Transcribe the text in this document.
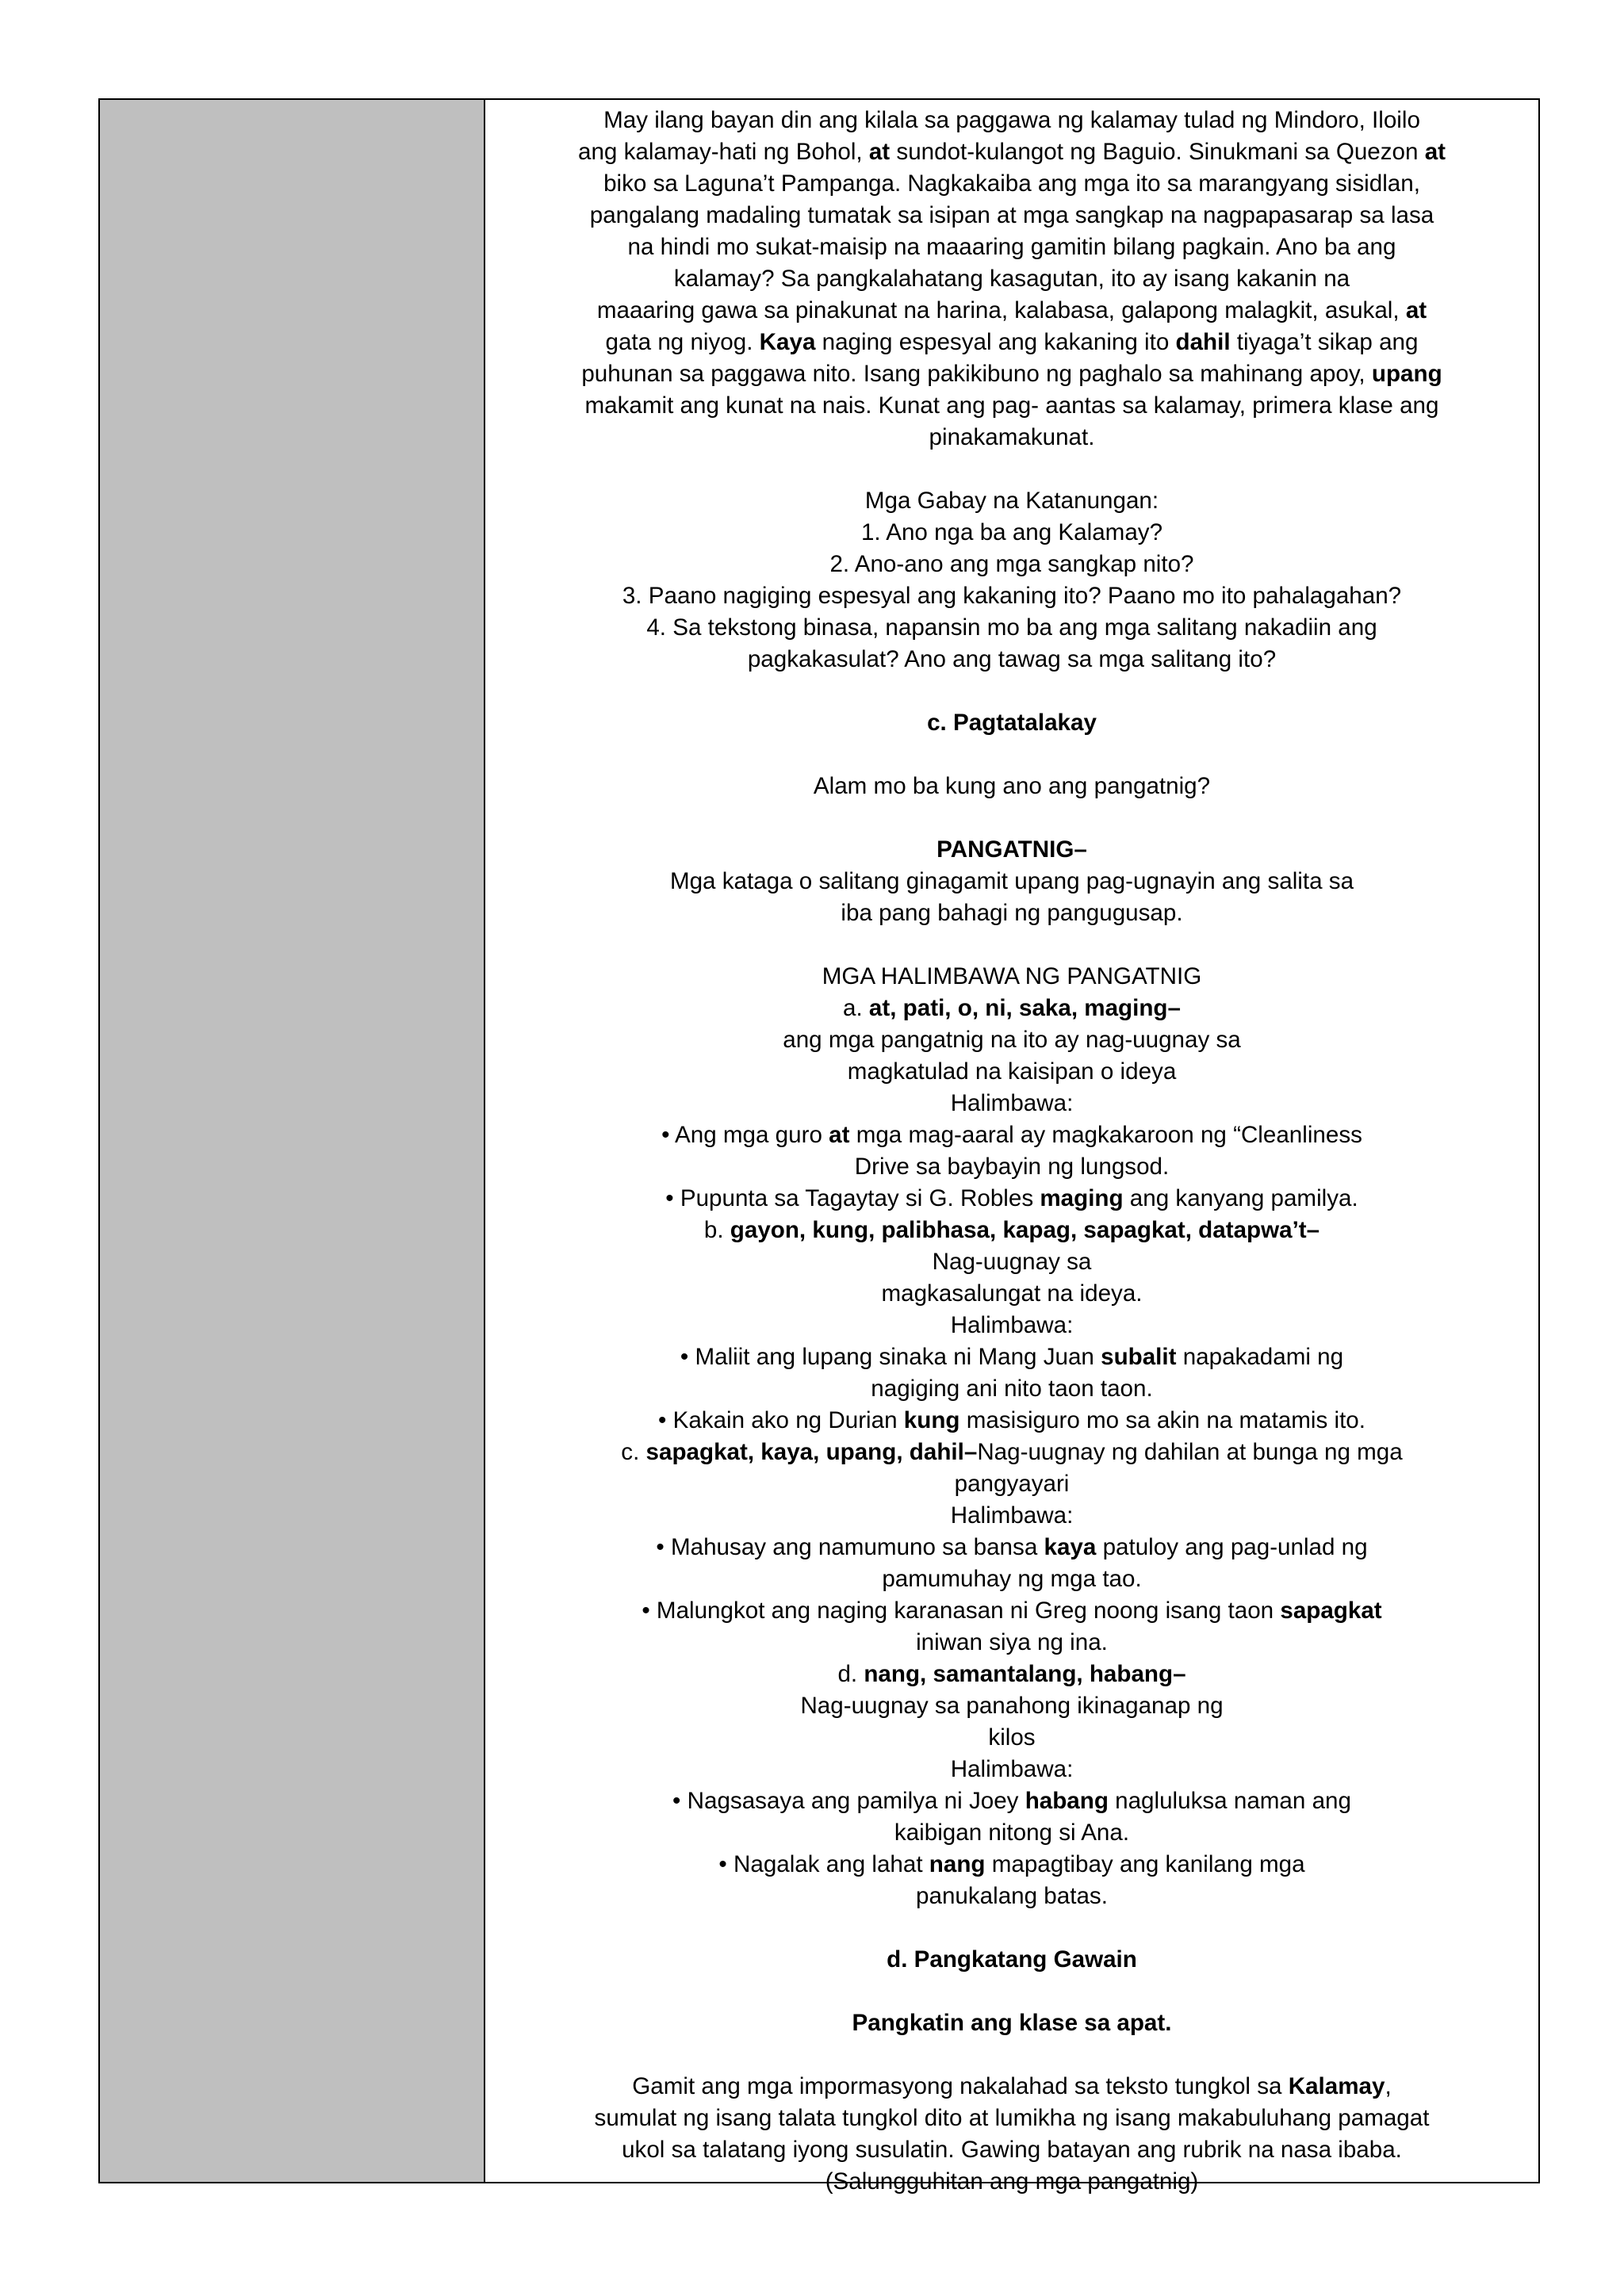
May ilang bayan din ang kilala sa paggawa ng kalamay tulad ng Mindoro, Iloilo
ang kalamay-hati ng Bohol, at sundot-kulangot ng Baguio. Sinukmani sa Quezon at
biko sa Laguna’t Pampanga. Nagkakaiba ang mga ito sa marangyang sisidlan,
pangalang madaling tumatak sa isipan at mga sangkap na nagpapasarap sa lasa
na hindi mo sukat-maisip na maaaring gamitin bilang pagkain. Ano ba ang
kalamay? Sa pangkalahatang kasagutan, ito ay isang kakanin na
maaaring gawa sa pinakunat na harina, kalabasa, galapong malagkit, asukal, at
gata ng niyog. Kaya naging espesyal ang kakaning ito dahil tiyaga’t sikap ang
puhunan sa paggawa nito. Isang pakikibuno ng paghalo sa mahinang apoy, upang
makamit ang kunat na nais. Kunat ang pag- aantas sa kalamay, primera klase ang
pinakamakunat.
Mga Gabay na Katanungan:
1. Ano nga ba ang Kalamay?
2. Ano-ano ang mga sangkap nito?
3. Paano nagiging espesyal ang kakaning ito? Paano mo ito pahalagahan?
4. Sa tekstong binasa, napansin mo ba ang mga salitang nakadiin ang
pagkakasulat? Ano ang tawag sa mga salitang ito?
c. Pagtatalakay
Alam mo ba kung ano ang pangatnig?
PANGATNIG–
Mga kataga o salitang ginagamit upang pag-ugnayin ang salita sa
iba pang bahagi ng pangugusap.
MGA HALIMBAWA NG PANGATNIG
a. at, pati, o, ni, saka, maging–
ang mga pangatnig na ito ay nag-uugnay sa
magkatulad na kaisipan o ideya
Halimbawa:
• Ang mga guro at mga mag-aaral ay magkakaroon ng “Cleanliness
Drive sa baybayin ng lungsod.
• Pupunta sa Tagaytay si G. Robles maging ang kanyang pamilya.
b. gayon, kung, palibhasa, kapag, sapagkat, datapwa’t–
Nag-uugnay sa
magkasalungat na ideya.
Halimbawa:
• Maliit ang lupang sinaka ni Mang Juan subalit napakadami ng
nagiging ani nito taon taon.
• Kakain ako ng Durian kung masisiguro mo sa akin na matamis ito.
c. sapagkat, kaya, upang, dahil–Nag-uugnay ng dahilan at bunga ng mga
pangyayari
Halimbawa:
• Mahusay ang namumuno sa bansa kaya patuloy ang pag-unlad ng
pamumuhay ng mga tao.
• Malungkot ang naging karanasan ni Greg noong isang taon sapagkat
iniwan siya ng ina.
d. nang, samantalang, habang–
Nag-uugnay sa panahong ikinaganap ng
kilos
Halimbawa:
• Nagsasaya ang pamilya ni Joey habang nagluluksa naman ang
kaibigan nitong si Ana.
• Nagalak ang lahat nang mapagtibay ang kanilang mga
panukalang batas.
d. Pangkatang Gawain
Pangkatin ang klase sa apat.
Gamit ang mga impormasyong nakalahad sa teksto tungkol sa Kalamay,
sumulat ng isang talata tungkol dito at lumikha ng isang makabuluhang pamagat
ukol sa talatang iyong susulatin. Gawing batayan ang rubrik na nasa ibaba.
(Salungguhitan ang mga pangatnig)
